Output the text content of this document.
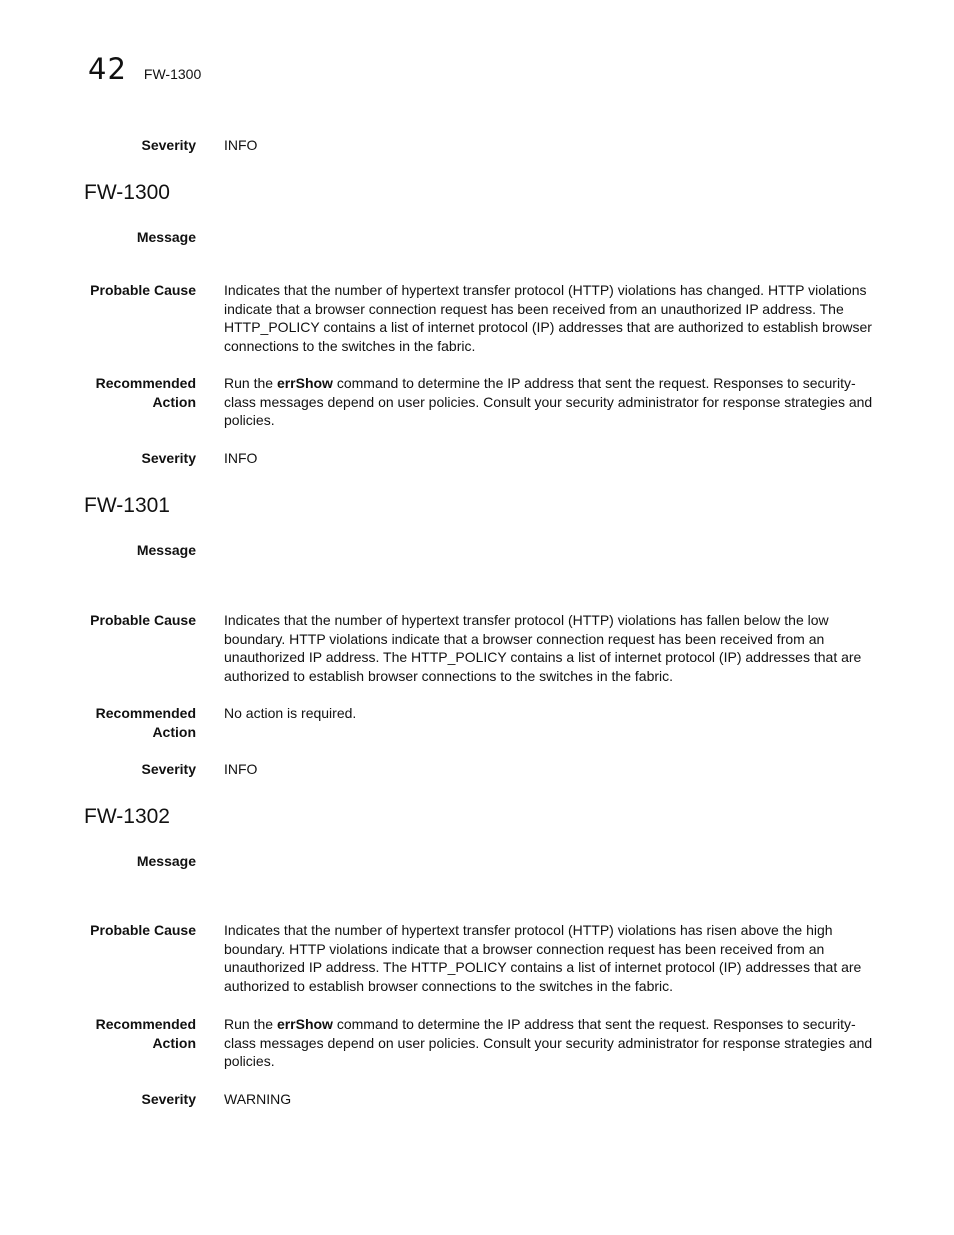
42 FW-1300
Severity INFO
FW-1300
Message
Probable Cause Indicates that the number of hypertext transfer protocol (HTTP) violations has changed. HTTP violations indicate that a browser connection request has been received from an unauthorized IP address. The HTTP_POLICY contains a list of internet protocol (IP) addresses that are authorized to establish browser connections to the switches in the fabric.
Recommended
Action
Run the errShow command to determine the IP address that sent the request. Responses to security-class messages depend on user policies. Consult your security administrator for response strategies and policies.
Severity INFO
FW-1301
Message
Probable Cause Indicates that the number of hypertext transfer protocol (HTTP) violations has fallen below the low boundary. HTTP violations indicate that a browser connection request has been received from an unauthorized IP address. The HTTP_POLICY contains a list of internet protocol (IP) addresses that are authorized to establish browser connections to the switches in the fabric.
Recommended
Action
No action is required.
Severity INFO
FW-1302
Message
Probable Cause Indicates that the number of hypertext transfer protocol (HTTP) violations has risen above the high boundary. HTTP violations indicate that a browser connection request has been received from an unauthorized IP address. The HTTP_POLICY contains a list of internet protocol (IP) addresses that are authorized to establish browser connections to the switches in the fabric.
Recommended
Action
Run the errShow command to determine the IP address that sent the request. Responses to security-class messages depend on user policies. Consult your security administrator for response strategies and policies.
Severity WARNING
